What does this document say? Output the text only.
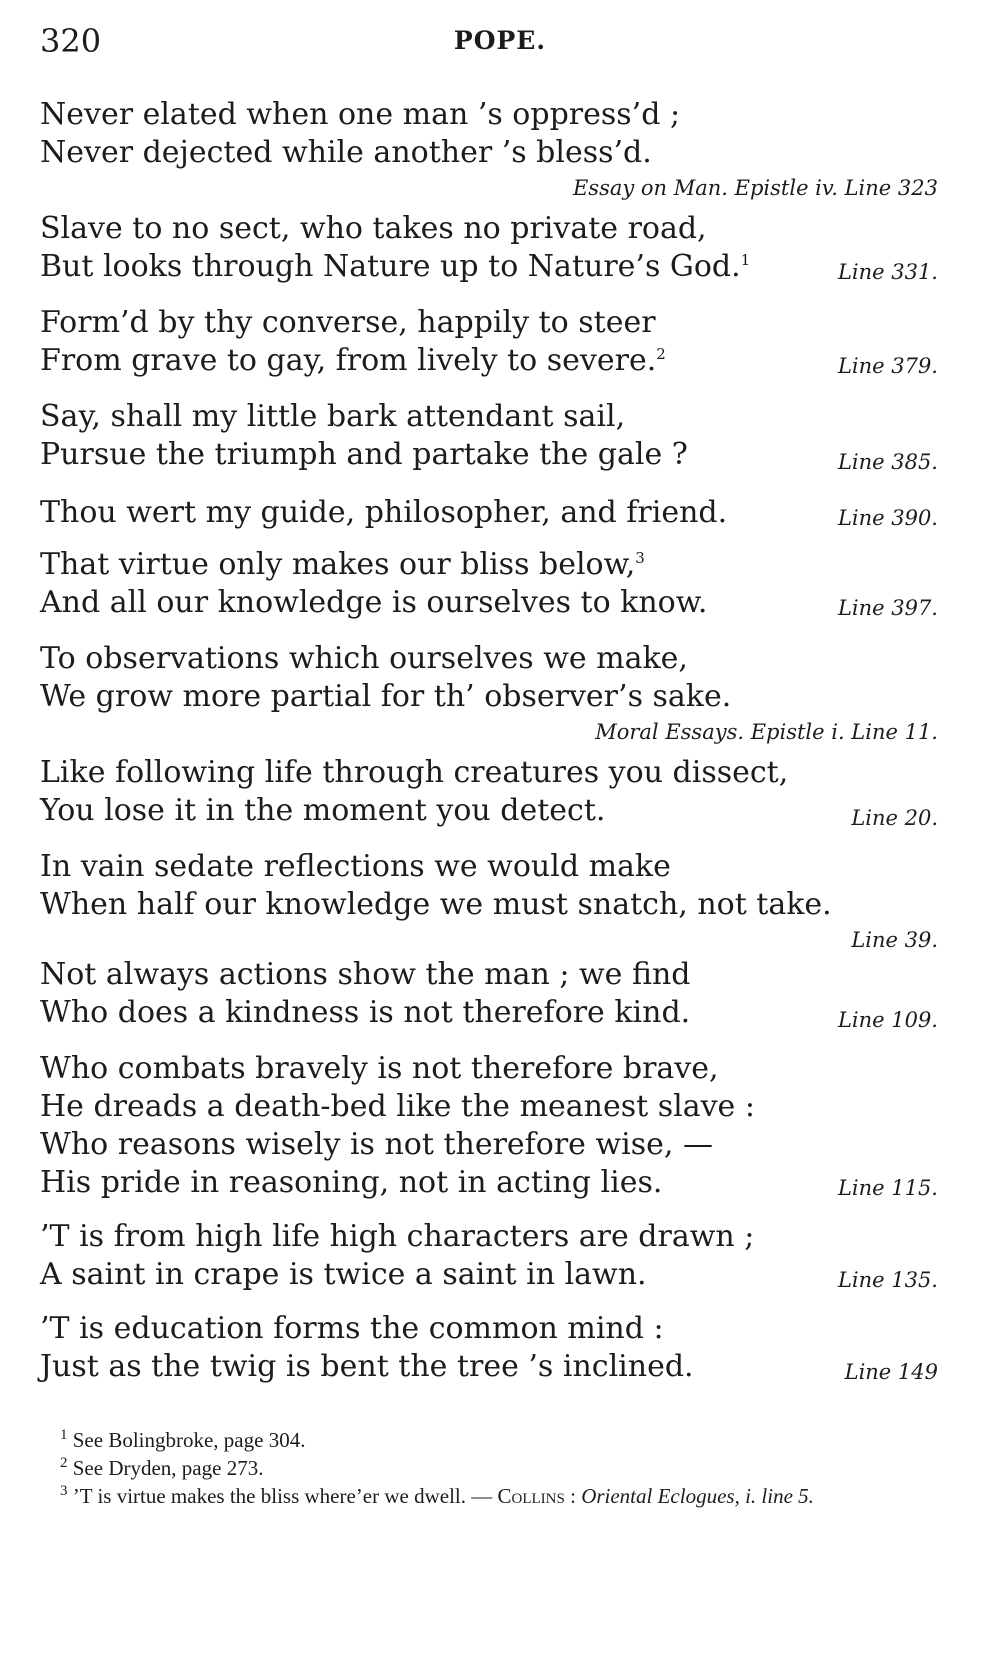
320	POPE.
Never elated when one man ’s oppress’d ;
Never dejected while another ’s bless’d.
Essay on Man. Epistle iv. Line 323
Slave to no sect, who takes no private road,
But looks through Nature up to Nature’s God.$^1$	Line 331.
Form’d by thy converse, happily to steer
From grave to gay, from lively to severe.$^2$	Line 379.
Say, shall my little bark attendant sail,
Pursue the triumph and partake the gale ?	Line 385.
Thou wert my guide, philosopher, and friend.	Line 390.
That virtue only makes our bliss below,$^3$
And all our knowledge is ourselves to know.	Line 397.
To observations which ourselves we make,
We grow more partial for th’ observer’s sake.
Moral Essays. Epistle i. Line 11.
Like following life through creatures you dissect,
You lose it in the moment you detect.	Line 20.
In vain sedate reflections we would make
When half our knowledge we must snatch, not take.
Line 39.
Not always actions show the man ; we find
Who does a kindness is not therefore kind.	Line 109.
Who combats bravely is not therefore brave,
He dreads a death-bed like the meanest slave :
Who reasons wisely is not therefore wise, —
His pride in reasoning, not in acting lies.	Line 115.
’T is from high life high characters are drawn ;
A saint in crape is twice a saint in lawn.	Line 135.
’T is education forms the common mind :
Just as the twig is bent the tree ’s inclined.	Line 149
$^1$ See Bolingbroke, page 304.
$^2$ See Dryden, page 273.
$^3$ ’T is virtue makes the bliss where’er we dwell. — Collins : Oriental Eclogues, i. line 5.
